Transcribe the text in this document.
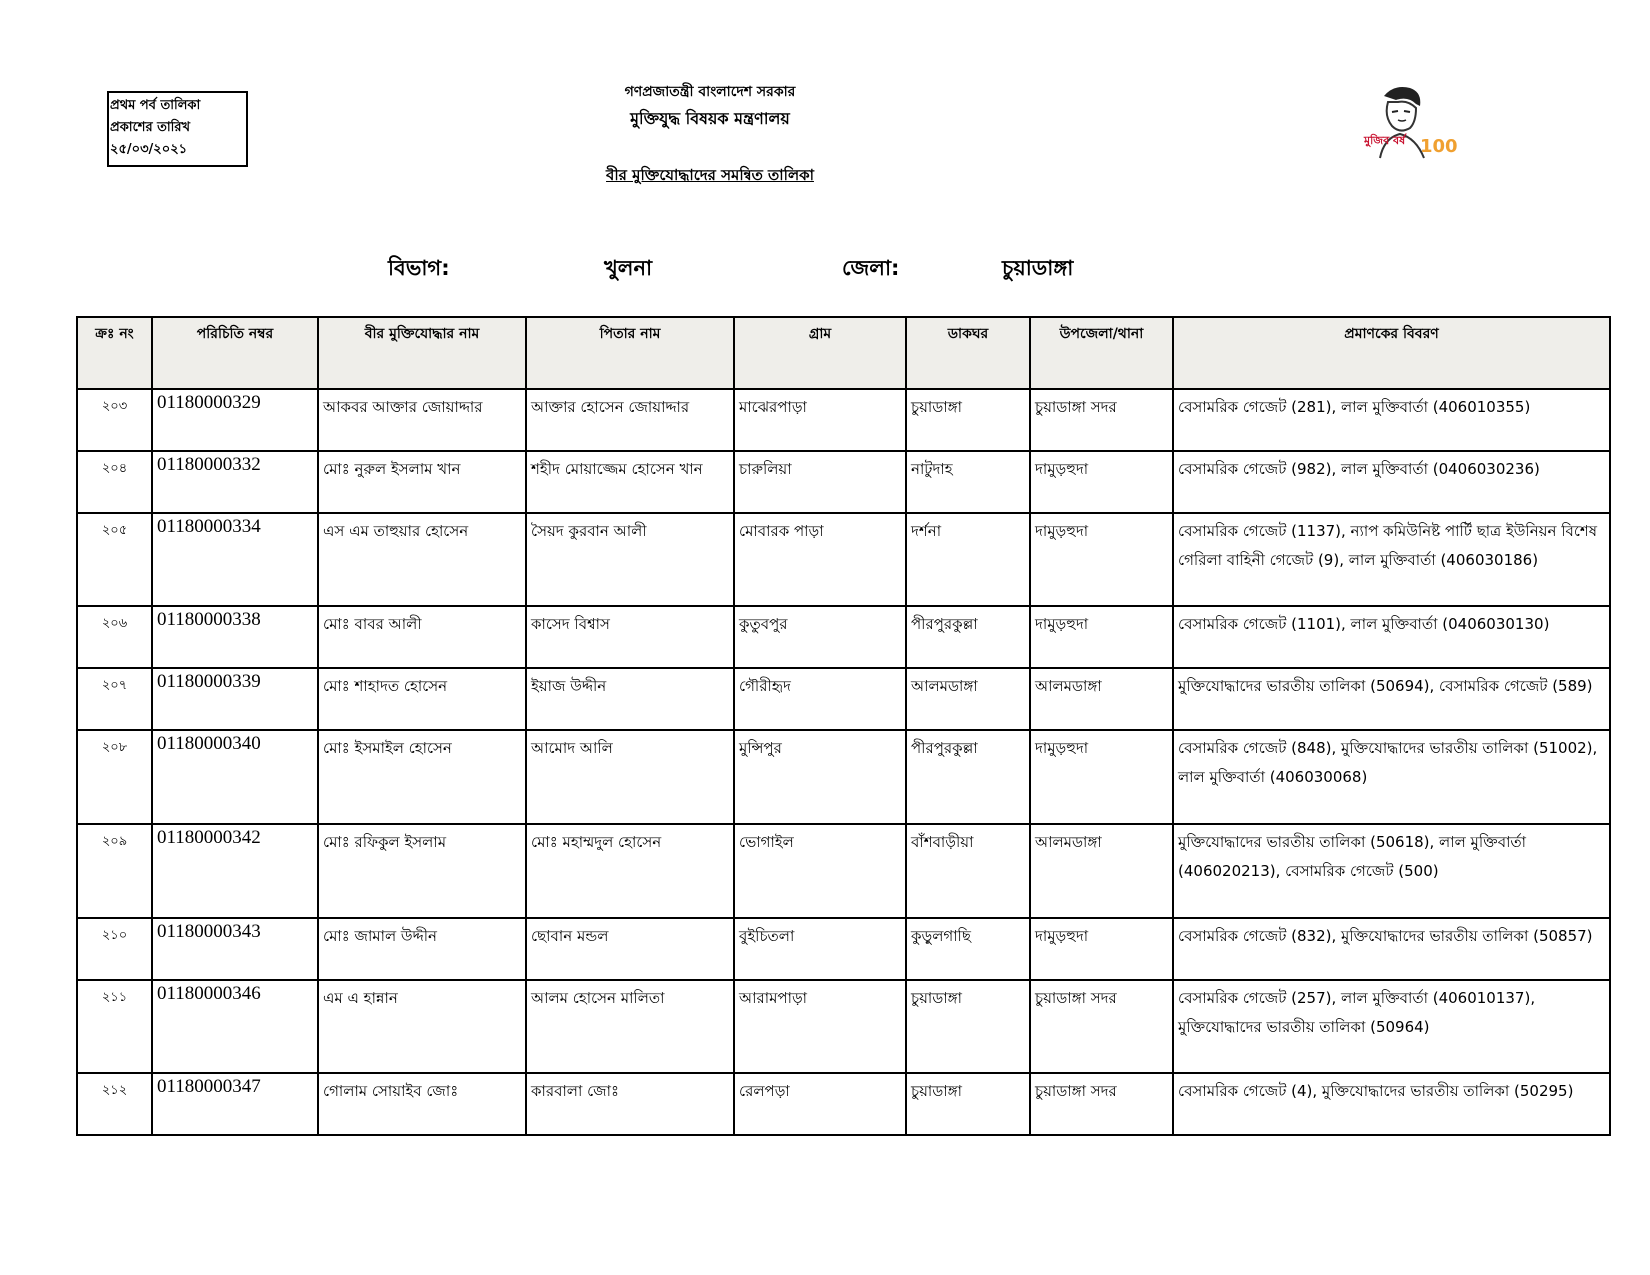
প্রথম পর্ব তালিকা
প্রকাশের তারিখ
২৫/০৩/২০২১
গণপ্রজাতন্ত্রী বাংলাদেশ সরকার
মুক্তিযুদ্ধ বিষয়ক মন্ত্রণালয়
বীর মুক্তিযোদ্ধাদের সমন্বিত তালিকা
মুজিব বর্ষ 100
বিভাগ:	খুলনা	জেলা:	চুয়াডাঙ্গা
ক্রঃ নং	পরিচিতি নম্বর	বীর মুক্তিযোদ্ধার নাম	পিতার নাম	গ্রাম	ডাকঘর	উপজেলা/থানা	প্রমাণকের বিবরণ
২০৩	01180000329	আকবর আক্তার জোয়াদ্দার	আক্তার হোসেন জোয়াদ্দার	মাঝেরপাড়া	চুয়াডাঙ্গা	চুয়াডাঙ্গা সদর	বেসামরিক গেজেট (281), লাল মুক্তিবার্তা (406010355)
২০৪	01180000332	মোঃ নুরুল ইসলাম খান	শহীদ মোয়াজ্জেম হোসেন খান	চারুলিয়া	নাটুদাহ	দামুড়হুদা	বেসামরিক গেজেট (982), লাল মুক্তিবার্তা (0406030236)
২০৫	01180000334	এস এম তাহুয়ার হোসেন	সৈয়দ কুরবান আলী	মোবারক পাড়া	দর্শনা	দামুড়হুদা	বেসামরিক গেজেট (1137), ন্যাপ কমিউনিষ্ট পার্টি ছাত্র ইউনিয়ন বিশেষ গেরিলা বাহিনী গেজেট (9), লাল মুক্তিবার্তা (406030186)
২০৬	01180000338	মোঃ বাবর আলী	কাসেদ বিশ্বাস	কুতুবপুর	পীরপুরকুল্লা	দামুড়হুদা	বেসামরিক গেজেট (1101), লাল মুক্তিবার্তা (0406030130)
২০৭	01180000339	মোঃ শাহাদত হোসেন	ইয়াজ উদ্দীন	গৌরীহৃদ	আলমডাঙ্গা	আলমডাঙ্গা	মুক্তিযোদ্ধাদের ভারতীয় তালিকা (50694), বেসামরিক গেজেট (589)
২০৮	01180000340	মোঃ ইসমাইল হোসেন	আমোদ আলি	মুন্সিপুর	পীরপুরকুল্লা	দামুড়হুদা	বেসামরিক গেজেট (848), মুক্তিযোদ্ধাদের ভারতীয় তালিকা (51002), লাল মুক্তিবার্তা (406030068)
২০৯	01180000342	মোঃ রফিকুল ইসলাম	মোঃ মহাম্মদুল হোসেন	ভোগাইল	বাঁশবাড়ীয়া	আলমডাঙ্গা	মুক্তিযোদ্ধাদের ভারতীয় তালিকা (50618), লাল মুক্তিবার্তা (406020213), বেসামরিক গেজেট (500)
২১০	01180000343	মোঃ জামাল উদ্দীন	ছোবান মন্ডল	বুইচিতলা	কুড়ুলগাছি	দামুড়হুদা	বেসামরিক গেজেট (832), মুক্তিযোদ্ধাদের ভারতীয় তালিকা (50857)
২১১	01180000346	এম এ হান্নান	আলম হোসেন মালিতা	আরামপাড়া	চুয়াডাঙ্গা	চুয়াডাঙ্গা সদর	বেসামরিক গেজেট (257), লাল মুক্তিবার্তা (406010137), মুক্তিযোদ্ধাদের ভারতীয় তালিকা (50964)
২১২	01180000347	গোলাম সোয়াইব জোঃ	কারবালা জোঃ	রেলপড়া	চুয়াডাঙ্গা	চুয়াডাঙ্গা সদর	বেসামরিক গেজেট (4), মুক্তিযোদ্ধাদের ভারতীয় তালিকা (50295)
